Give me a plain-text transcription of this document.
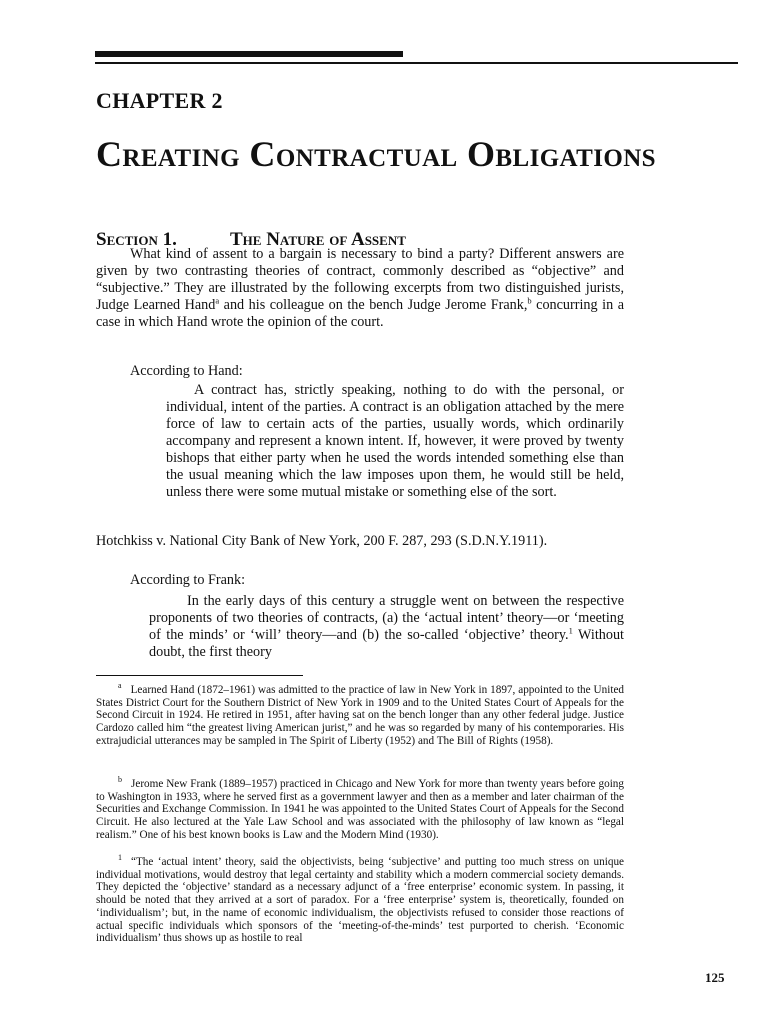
CHAPTER 2
Creating Contractual Obligations
Section 1.	The Nature of Assent

What kind of assent to a bargain is necessary to bind a party? Different answers are given by two contrasting theories of contract, commonly described as “objective” and “subjective.” They are illustrated by the following excerpts from two distinguished jurists, Judge Learned Hand$^a$ and his colleague on the bench Judge Jerome Frank,$^b$ concurring in a case in which Hand wrote the opinion of the court.

According to Hand:

A contract has, strictly speaking, nothing to do with the personal, or individual, intent of the parties. A contract is an obligation attached by the mere force of law to certain acts of the parties, usually words, which ordinarily accompany and represent a known intent. If, however, it were proved by twenty bishops that either party when he used the words intended something else than the usual meaning which the law imposes upon them, he would still be held, unless there were some mutual mistake or something else of the sort.

Hotchkiss v. National City Bank of New York, 200 F. 287, 293 (S.D.N.Y.1911).

According to Frank:

In the early days of this century a struggle went on between the respective proponents of two theories of contracts, (a) the ‘actual intent’ theory—or ‘meeting of the minds’ or ‘will’ theory—and (b) the so-called ‘objective’ theory.$^1$ Without doubt, the first theory

$^a$ Learned Hand (1872–1961) was admitted to the practice of law in New York in 1897, appointed to the United States District Court for the Southern District of New York in 1909 and to the United States Court of Appeals for the Second Circuit in 1924. He retired in 1951, after having sat on the bench longer than any other federal judge. Justice Cardozo called him “the greatest living American jurist,” and he was so regarded by many of his contemporaries. His extrajudicial utterances may be sampled in The Spirit of Liberty (1952) and The Bill of Rights (1958).

$^b$ Jerome New Frank (1889–1957) practiced in Chicago and New York for more than twenty years before going to Washington in 1933, where he served first as a government lawyer and then as a member and later chairman of the Securities and Exchange Commission. In 1941 he was appointed to the United States Court of Appeals for the Second Circuit. He also lectured at the Yale Law School and was associated with the philosophy of law known as “legal realism.” One of his best known books is Law and the Modern Mind (1930).

$^1$ “The ‘actual intent’ theory, said the objectivists, being ‘subjective’ and putting too much stress on unique individual motivations, would destroy that legal certainty and stability which a modern commercial society demands. They depicted the ‘objective’ standard as a necessary adjunct of a ‘free enterprise’ economic system. In passing, it should be noted that they arrived at a sort of paradox. For a ‘free enterprise’ system is, theoretically, founded on ‘individualism’; but, in the name of economic individualism, the objectivists refused to consider those reactions of actual specific individuals which sponsors of the ‘meeting-of-the-minds’ test purported to cherish. ‘Economic individualism’ thus shows up as hostile to real

125
